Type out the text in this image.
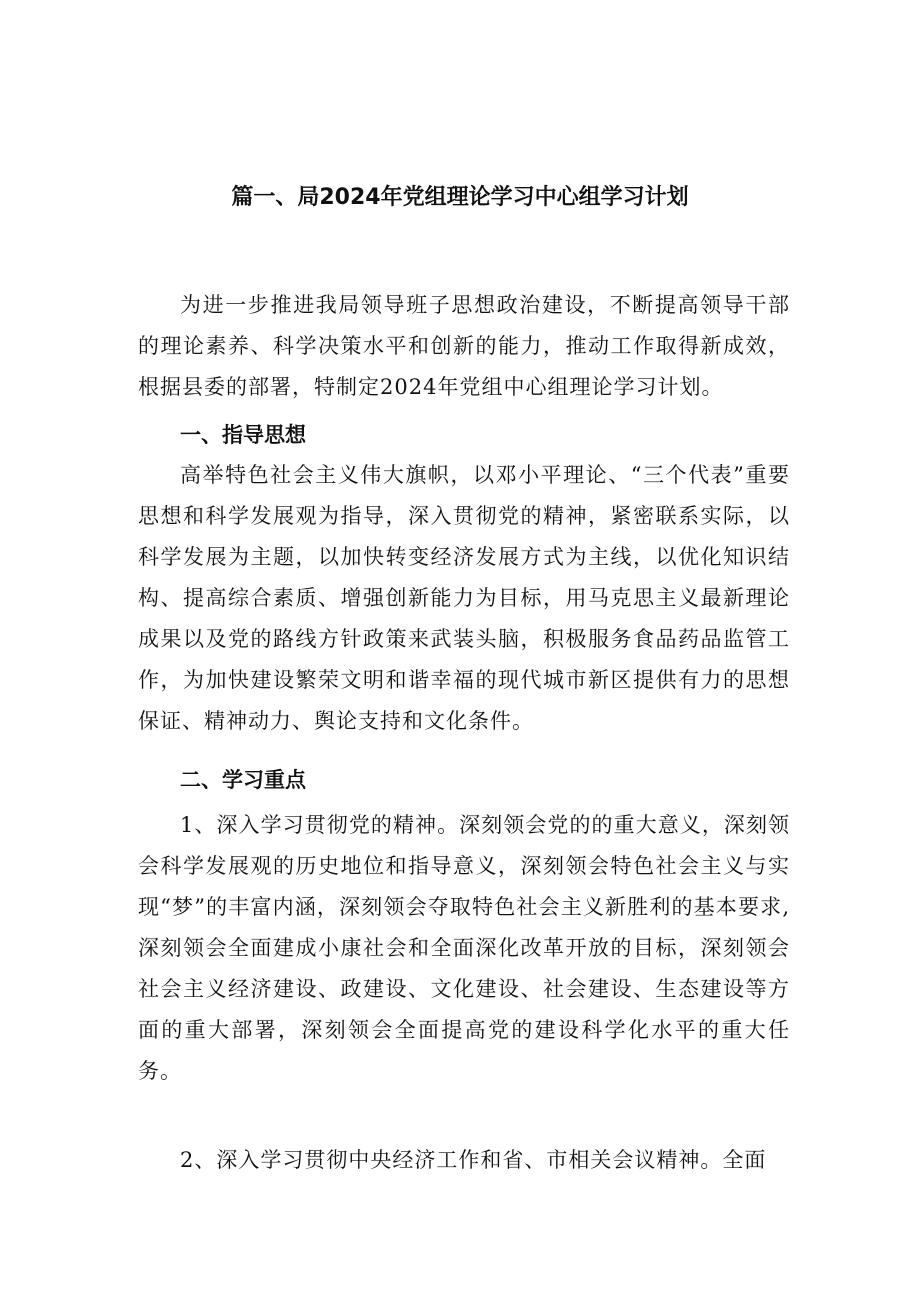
篇一、局2024年党组理论学习中心组学习计划

为进一步推进我局领导班子思想政治建设，不断提高领导干部的理论素养、科学决策水平和创新的能力，推动工作取得新成效，根据县委的部署，特制定2024年党组中心组理论学习计划。

一、指导思想

高举特色社会主义伟大旗帜，以邓小平理论、“三个代表”重要思想和科学发展观为指导，深入贯彻党的精神，紧密联系实际，以科学发展为主题，以加快转变经济发展方式为主线，以优化知识结构、提高综合素质、增强创新能力为目标，用马克思主义最新理论成果以及党的路线方针政策来武装头脑，积极服务食品药品监管工作，为加快建设繁荣文明和谐幸福的现代城市新区提供有力的思想保证、精神动力、舆论支持和文化条件。

二、学习重点

1、深入学习贯彻党的精神。深刻领会党的的重大意义，深刻领会科学发展观的历史地位和指导意义，深刻领会特色社会主义与实现“梦”的丰富内涵，深刻领会夺取特色社会主义新胜利的基本要求,深刻领会全面建成小康社会和全面深化改革开放的目标，深刻领会社会主义经济建设、政建设、文化建设、社会建设、生态建设等方面的重大部署，深刻领会全面提高党的建设科学化水平的重大任务。

2、深入学习贯彻中央经济工作和省、市相关会议精神。全面
